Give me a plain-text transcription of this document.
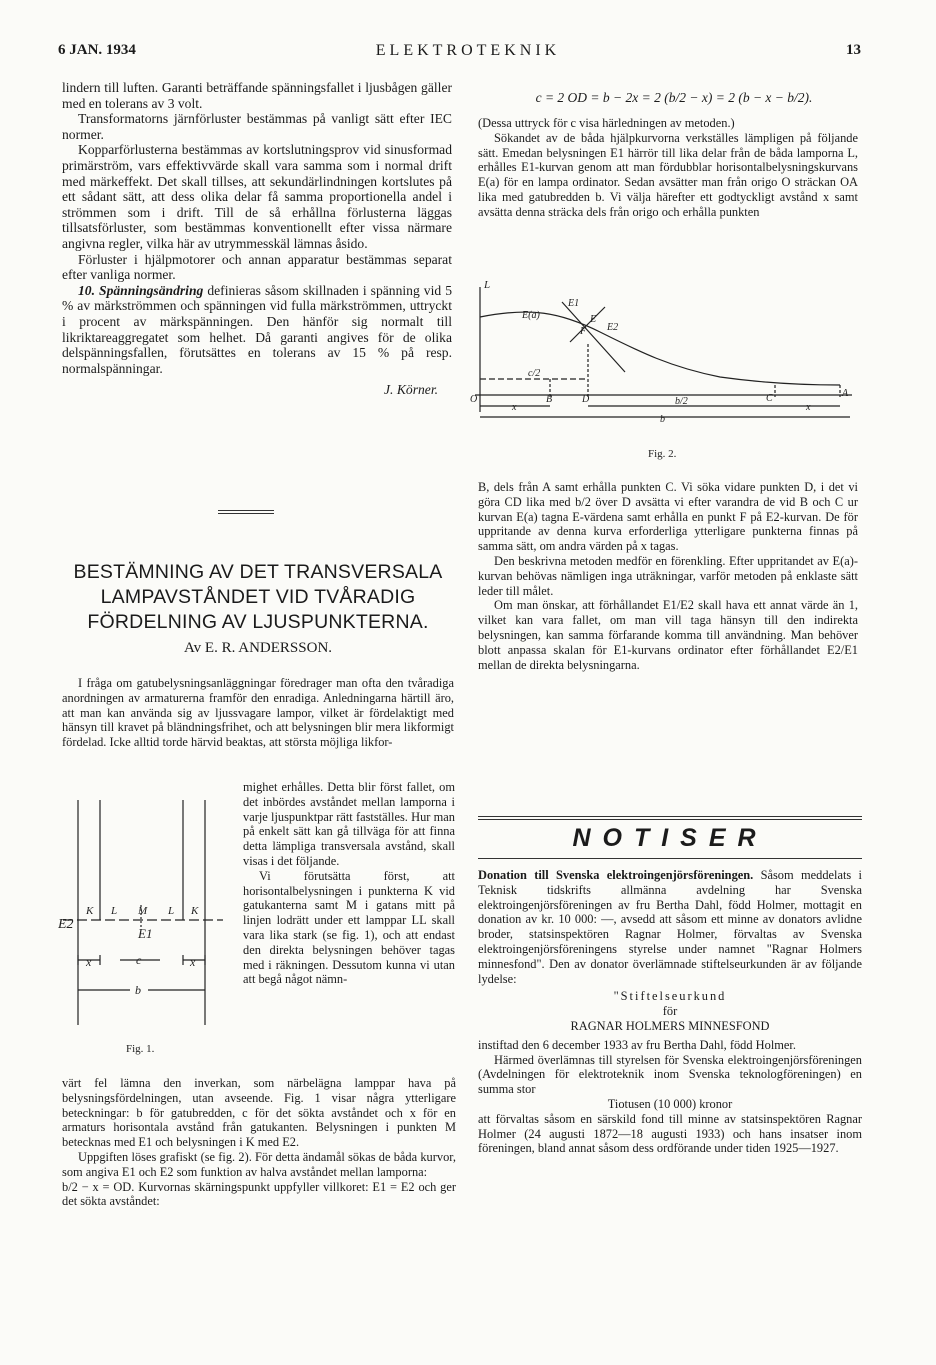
6 JAN. 1934	ELEKTROTEKNIK	13

lindern till luften. Garanti beträffande spänningsfallet i ljusbågen gäller med en tolerans av 3 volt.

Transformatorns järnförluster bestämmas på vanligt sätt efter IEC normer.

Kopparförlusterna bestämmas av kortslutningsprov vid sinusformad primärström, vars effektivvärde skall vara samma som i normal drift med märkeffekt. Det skall tillses, att sekundärlindningen kortslutes på ett sådant sätt, att dess olika delar få samma proportionella andel i strömmen som i drift. Till de så erhållna förlusterna läggas tillsatsförluster, som bestämmas konventionellt efter vissa närmare angivna regler, vilka här av utrymmesskäl lämnas åsido.

Förluster i hjälpmotorer och annan apparatur bestämmas separat efter vanliga normer.

10. Spänningsändring definieras såsom skillnaden i spänning vid 5 % av märkströmmen och spänningen vid fulla märkströmmen, uttryckt i procent av märkspänningen. Den hänför sig normalt till likriktareaggregatet som helhet. Då garanti angives för de olika delspänningsfallen, förutsättes en tolerans av 15 % på resp. normalspänningar.

J. Körner.

BESTÄMNING AV DET TRANSVERSALA LAMPAVSTÅNDET VID TVÅRADIG FÖRDELNING AV LJUSPUNKTERNA.
Av E. R. ANDERSSON.

I fråga om gatubelysningsanläggningar föredrager man ofta den tvåradiga anordningen av armaturerna framför den enradiga. Anledningarna härtill äro, att man kan använda sig av ljussvagare lampor, vilket är fördelaktigt med hänsyn till kravet på bländningsfrihet, och att belysningen blir mera likformigt fördelad. Icke alltid torde härvid beaktas, att största möjliga likfor-

E2
K L M L K
E1
x	c	x
b
Fig. 1.

mighet erhålles. Detta blir först fallet, om det inbördes avståndet mellan lamporna i varje ljuspunktpar rätt fastställes. Hur man på enkelt sätt kan gå tillväga för att finna detta lämpliga transversala avstånd, skall visas i det följande.

Vi förutsätta först, att horisontalbelysningen i punkterna K vid gatukanterna samt M i gatans mitt på linjen lodrätt under ett lamppar LL skall vara lika stark (se fig. 1), och att endast den direkta belysningen behöver tagas med i räkningen. Dessutom kunna vi utan att begå något nämn-

värt fel lämna den inverkan, som närbelägna lamppar hava på belysningsfördelningen, utan avseende. Fig. 1 visar några ytterligare beteckningar: b för gatubredden, c för det sökta avståndet och x för en armaturs horisontala avstånd från gatukanten. Belysningen i punkten M betecknas med E1 och belysningen i K med E2.

Uppgiften löses grafiskt (se fig. 2). För detta ändamål sökas de båda kurvor, som angiva E1 och E2 som funktion av halva avståndet mellan lamporna:

b/2 − x = OD. Kurvornas skärningspunkt uppfyller villkoret: E1 = E2 och ger det sökta avståndet:

c = 2 OD = b − 2x = 2 (b/2 − x) = 2 (b − x − b/2).

(Dessa uttryck för c visa härledningen av metoden.)

Sökandet av de båda hjälpkurvorna verkställes lämpligen på följande sätt. Emedan belysningen E1 härrör till lika delar från de båda lamporna L, erhålles E1-kurvan genom att man fördubblar horisontalbelysningskurvans E(a) för en lampa ordinator. Sedan avsätter man från origo O sträckan OA lika med gatubredden b. Vi välja härefter ett godtyckligt avstånd x samt avsätta denna sträcka dels från origo och erhålla punkten

L
E(a)
E1
F
E
E2
c/2
O	B	D	b/2	C	A
x	x
b
Fig. 2.

B, dels från A samt erhålla punkten C. Vi söka vidare punkten D, i det vi göra CD lika med b/2 över D avsätta vi efter varandra de vid B och C ur kurvan E(a) tagna E-värdena samt erhålla en punkt F på E2-kurvan. De för uppritande av denna kurva erforderliga ytterligare punkterna finnas på samma sätt, om andra värden på x tagas.

Den beskrivna metoden medför en förenkling. Efter uppritandet av E(a)-kurvan behövas nämligen inga uträkningar, varför metoden på enklaste sätt leder till målet.

Om man önskar, att förhållandet E1/E2 skall hava ett annat värde än 1, vilket kan vara fallet, om man vill taga hänsyn till den indirekta belysningen, kan samma förfarande komma till användning. Man behöver blott anpassa skalan för E1-kurvans ordinator efter förhållandet E2/E1 mellan de direkta belysningarna.

NOTISER

Donation till Svenska elektroingenjörsföreningen. Såsom meddelats i Teknisk tidskrifts allmänna avdelning har Svenska elektroingenjörsföreningen av fru Bertha Dahl, född Holmer, mottagit en donation av kr. 10 000: —, avsedd att såsom ett minne av donators avlidne broder, statsinspektören Ragnar Holmer, förvaltas av Svenska elektroingenjörsföreningens styrelse under namnet "Ragnar Holmers minnesfond". Den av donator överlämnade stiftelseurkunden är av följande lydelse:

"Stiftelseurkund

för

RAGNAR HOLMERS MINNESFOND

instiftad den 6 december 1933 av fru Bertha Dahl, född Holmer.

Härmed överlämnas till styrelsen för Svenska elektroingenjörsföreningen (Avdelningen för elektroteknik inom Svenska teknologföreningen) en summa stor

Tiotusen (10 000) kronor

att förvaltas såsom en särskild fond till minne av statsinspektören Ragnar Holmer (24 augusti 1872—18 augusti 1933) och hans insatser inom föreningen, bland annat såsom dess ordförande under tiden 1925—1927.
